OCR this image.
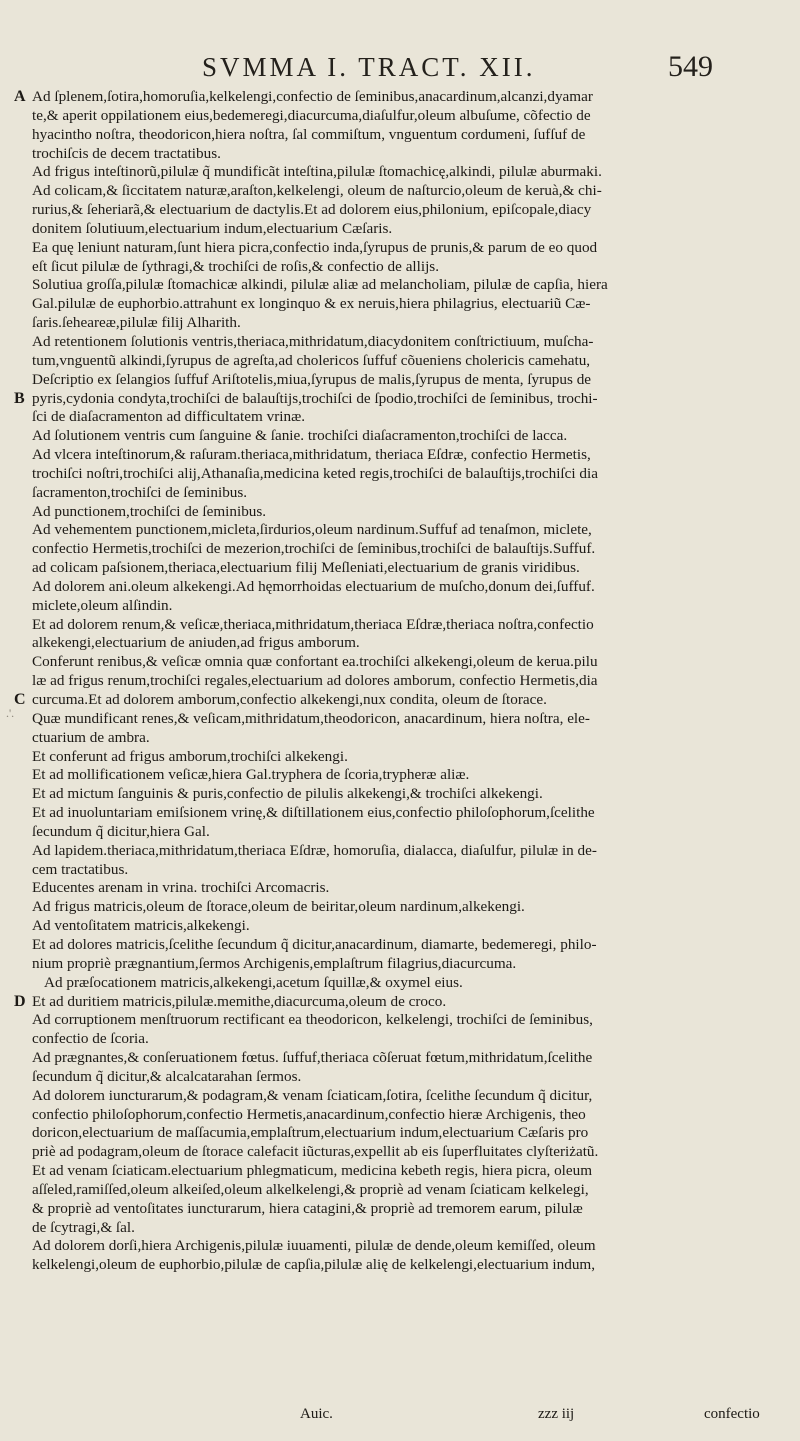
SVMMA I. TRACT. XII.	549
.'.
A Ad ſplenem,ſotira,homoruſia,kelkelengi,confectio de ſeminibus,anacardinum,alcanzi,dyamar
te,& aperit oppilationem eius,bedemeregi,diacurcuma,diaſulfur,oleum albuſume, cõfectio de
hyacintho noſtra, theodoricon,hiera noſtra, ſal commiſtum, vnguentum cordumeni, ſufſuf de
trochiſcis de decem tractatibus.
Ad frigus inteſtinorũ,pilulæ q̃ mundificãt inteſtina,pilulæ ſtomachicę,alkindi, pilulæ aburmaki.
Ad colicam,& ſiccitatem naturæ,araſton,kelkelengi, oleum de naſturcio,oleum de keruà,& chi-
rurius,& ſeheriarã,& electuarium de dactylis.Et ad dolorem eius,philonium, epiſcopale,diacy
donitem ſolutiuum,electuarium indum,electuarium Cæſaris.
Ea quę leniunt naturam,ſunt hiera picra,confectio inda,ſyrupus de prunis,& parum de eo quod
eſt ſicut pilulæ de ſythragi,& trochiſci de roſis,& confectio de allijs.
Solutiua groſſa,pilulæ ſtomachicæ alkindi, pilulæ aliæ ad melancholiam, pilulæ de capſia, hiera
Gal.pilulæ de euphorbio.attrahunt ex longinquo & ex neruis,hiera philagrius, electuariũ Cæ-
ſaris.ſeheareæ,pilulæ filij Alharith.
Ad retentionem ſolutionis ventris,theriaca,mithridatum,diacydonitem conſtrictiuum, muſcha-
tum,vnguentũ alkindi,ſyrupus de agreſta,ad cholericos ſuffuf cõueniens cholericis camehatu,
Deſcriptio ex ſelangios ſuffuf Ariſtotelis,miua,ſyrupus de malis,ſyrupus de menta, ſyrupus de
B pyris,cydonia condyta,trochiſci de balauſtijs,trochiſci de ſpodio,trochiſci de ſeminibus, trochi-
ſci de diaſacramenton ad difficultatem vrinæ.
Ad ſolutionem ventris cum ſanguine & ſanie. trochiſci diaſacramenton,trochiſci de lacca.
Ad vlcera inteſtinorum,& raſuram.theriaca,mithridatum, theriaca Eſdræ, confectio Hermetis,
trochiſci noſtri,trochiſci alij,Athanaſia,medicina keted regis,trochiſci de balauſtijs,trochiſci dia
ſacramenton,trochiſci de ſeminibus.
Ad punctionem,trochiſci de ſeminibus.
Ad vehementem punctionem,micleta,ſirdurios,oleum nardinum.Suffuf ad tenaſmon, miclete,
confectio Hermetis,trochiſci de mezerion,trochiſci de ſeminibus,trochiſci de balauſtijs.Suffuf.
ad colicam paſsionem,theriaca,electuarium filij Meſleniati,electuarium de granis viridibus.
Ad dolorem ani.oleum alkekengi.Ad hęmorrhoidas electuarium de muſcho,donum dei,ſuffuf.
miclete,oleum alſindin.
Et ad dolorem renum,& veſicæ,theriaca,mithridatum,theriaca Eſdræ,theriaca noſtra,confectio
alkekengi,electuarium de aniuden,ad frigus amborum.
Conferunt renibus,& veſicæ omnia quæ confortant ea.trochiſci alkekengi,oleum de kerua.pilu
læ ad frigus renum,trochiſci regales,electuarium ad dolores amborum, confectio Hermetis,dia
C curcuma.Et ad dolorem amborum,confectio alkekengi,nux condita, oleum de ſtorace.
Quæ mundificant renes,& veſicam,mithridatum,theodoricon, anacardinum, hiera noſtra, ele-
ctuarium de ambra.
Et conferunt ad frigus amborum,trochiſci alkekengi.
Et ad mollificationem veſicæ,hiera Gal.tryphera de ſcoria,trypheræ aliæ.
Et ad mictum ſanguinis & puris,confectio de pilulis alkekengi,& trochiſci alkekengi.
Et ad inuoluntariam emiſsionem vrinę,& diſtillationem eius,confectio philoſophorum,ſcelithe
ſecundum q̃ dicitur,hiera Gal.
Ad lapidem.theriaca,mithridatum,theriaca Eſdræ, homoruſia, dialacca, diaſulfur, pilulæ in de-
cem tractatibus.
Educentes arenam in vrina. trochiſci Arcomacris.
Ad frigus matricis,oleum de ſtorace,oleum de beiritar,oleum nardinum,alkekengi.
Ad ventoſitatem matricis,alkekengi.
Et ad dolores matricis,ſcelithe ſecundum q̃ dicitur,anacardinum, diamarte, bedemeregi, philo-
nium propriè prægnantium,ſermos Archigenis,emplaſtrum filagrius,diacurcuma.
Ad præſocationem matricis,alkekengi,acetum ſquillæ,& oxymel eius.
D Et ad duritiem matricis,pilulæ.memithe,diacurcuma,oleum de croco.
Ad corruptionem menſtruorum rectificant ea theodoricon, kelkelengi, trochiſci de ſeminibus,
confectio de ſcoria.
Ad prægnantes,& conſeruationem fœtus. ſuffuf,theriaca cõſeruat fœtum,mithridatum,ſcelithe
ſecundum q̃ dicitur,& alcalcatarahan ſermos.
Ad dolorem iuncturarum,& podagram,& venam ſciaticam,ſotira, ſcelithe ſecundum q̃ dicitur,
confectio philoſophorum,confectio Hermetis,anacardinum,confectio hieræ Archigenis, theo
doricon,electuarium de maſſacumia,emplaſtrum,electuarium indum,electuarium Cæſaris pro
priè ad podagram,oleum de ſtorace calefacit iũcturas,expellit ab eis ſuperfluitates clyſteriżatũ.
Et ad venam ſciaticam.electuarium phlegmaticum, medicina kebeth regis, hiera picra, oleum
aſſeled,ramiſſed,oleum alkeiſed,oleum alkelkelengi,& propriè ad venam ſciaticam kelkelegi,
& propriè ad ventoſitates iuncturarum, hiera catagini,& propriè ad tremorem earum, pilulæ
de ſcytragi,& ſal.
Ad dolorem dorſi,hiera Archigenis,pilulæ iuuamenti, pilulæ de dende,oleum kemiſſed, oleum
kelkelengi,oleum de euphorbio,pilulæ de capſia,pilulæ alię de kelkelengi,electuarium indum,
Auic.	zzz iij	confectio
